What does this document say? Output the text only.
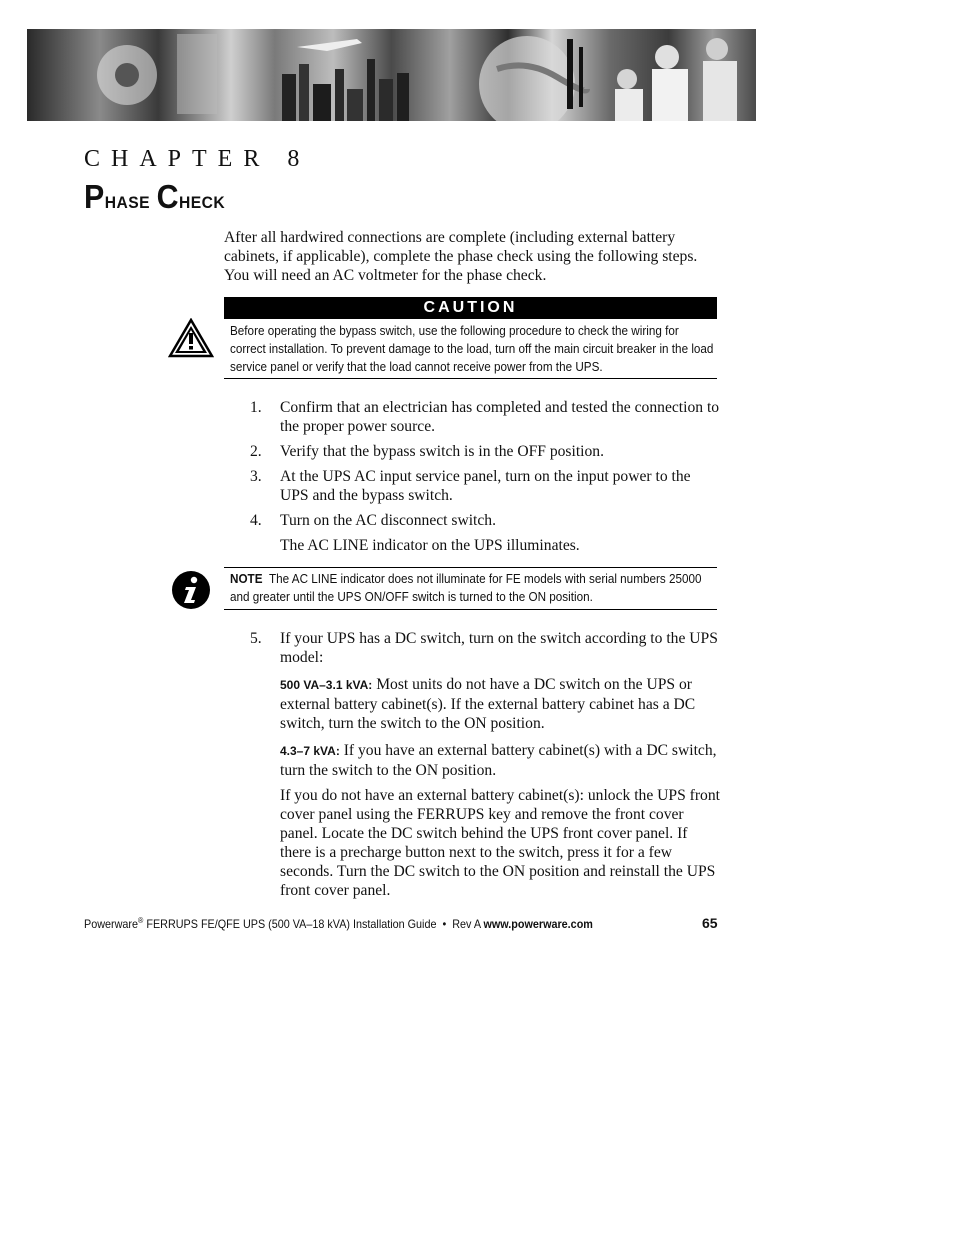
CHAPTER 8
Phase Check
After all hardwired connections are complete (including external battery cabinets, if applicable), complete the phase check using the following steps. You will need an AC voltmeter for the phase check.
CAUTION
Before operating the bypass switch, use the following procedure to check the wiring for correct installation. To prevent damage to the load, turn off the main circuit breaker in the load service panel or verify that the load cannot receive power from the UPS.
1. Confirm that an electrician has completed and tested the connection to the proper power source.
2. Verify that the bypass switch is in the OFF position.
3. At the UPS AC input service panel, turn on the input power to the UPS and the bypass switch.
4. Turn on the AC disconnect switch.
The AC LINE indicator on the UPS illuminates.
NOTE The AC LINE indicator does not illuminate for FE models with serial numbers 25000 and greater until the UPS ON/OFF switch is turned to the ON position.
5. If your UPS has a DC switch, turn on the switch according to the UPS model:
500 VA–3.1 kVA: Most units do not have a DC switch on the UPS or external battery cabinet(s). If the external battery cabinet has a DC switch, turn the switch to the ON position.
4.3–7 kVA: If you have an external battery cabinet(s) with a DC switch, turn the switch to the ON position.
If you do not have an external battery cabinet(s): unlock the UPS front cover panel using the FERRUPS key and remove the front cover panel. Locate the DC switch behind the UPS front cover panel. If there is a precharge button next to the switch, press it for a few seconds. Turn the DC switch to the ON position and reinstall the UPS front cover panel.
Powerware® FERRUPS FE/QFE UPS (500 VA–18 kVA) Installation Guide  •  Rev A www.powerware.com	65
